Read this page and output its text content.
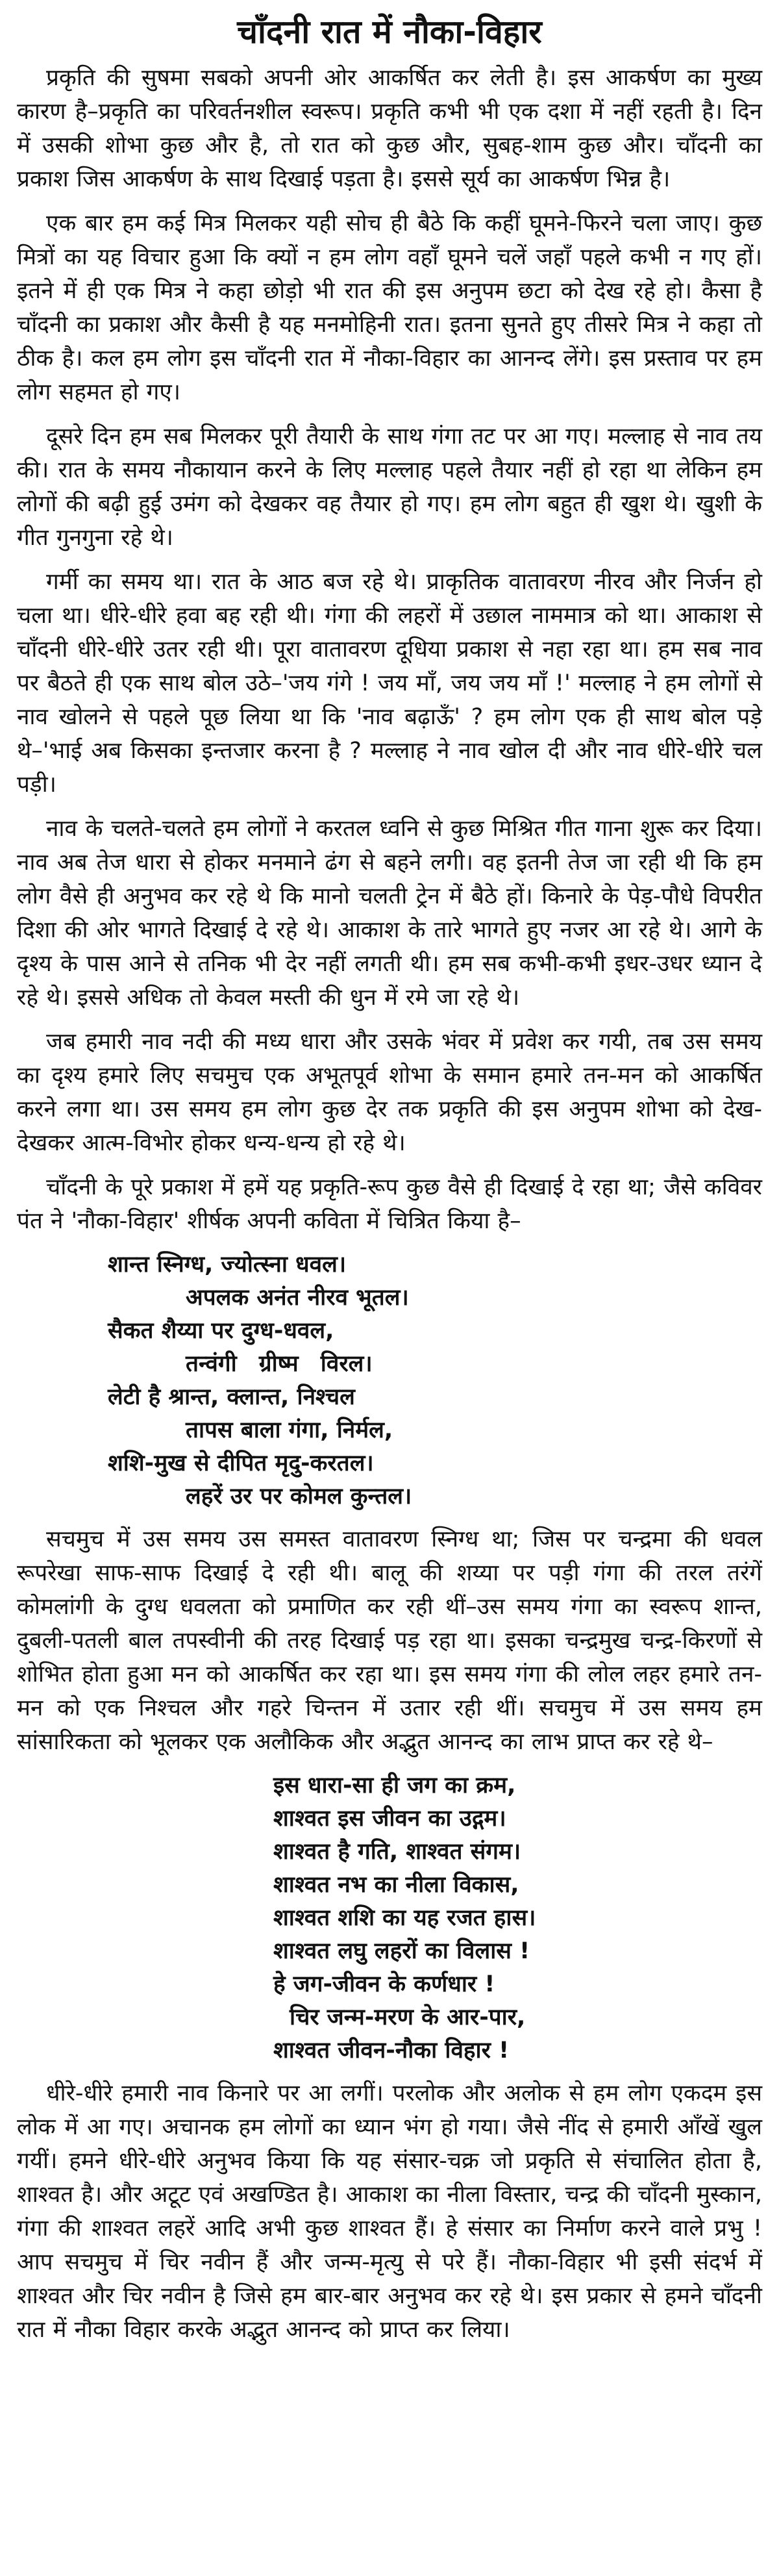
चाँदनी रात में नौका-विहार

प्रकृति की सुषमा सबको अपनी ओर आकर्षित कर लेती है। इस आकर्षण का मुख्य कारण है–प्रकृति का परिवर्तनशील स्वरूप। प्रकृति कभी भी एक दशा में नहीं रहती है। दिन में उसकी शोभा कुछ और है, तो रात को कुछ और, सुबह-शाम कुछ और। चाँदनी का प्रकाश जिस आकर्षण के साथ दिखाई पड़ता है। इससे सूर्य का आकर्षण भिन्न है।

एक बार हम कई मित्र मिलकर यही सोच ही बैठे कि कहीं घूमने-फिरने चला जाए। कुछ मित्रों का यह विचार हुआ कि क्यों न हम लोग वहाँ घूमने चलें जहाँ पहले कभी न गए हों। इतने में ही एक मित्र ने कहा छोड़ो भी रात की इस अनुपम छटा को देख रहे हो। कैसा है चाँदनी का प्रकाश और कैसी है यह मनमोहिनी रात। इतना सुनते हुए तीसरे मित्र ने कहा तो ठीक है। कल हम लोग इस चाँदनी रात में नौका-विहार का आनन्द लेंगे। इस प्रस्ताव पर हम लोग सहमत हो गए।

दूसरे दिन हम सब मिलकर पूरी तैयारी के साथ गंगा तट पर आ गए। मल्लाह से नाव तय की। रात के समय नौकायान करने के लिए मल्लाह पहले तैयार नहीं हो रहा था लेकिन हम लोगों की बढ़ी हुई उमंग को देखकर वह तैयार हो गए। हम लोग बहुत ही खुश थे। खुशी के गीत गुनगुना रहे थे।

गर्मी का समय था। रात के आठ बज रहे थे। प्राकृतिक वातावरण नीरव और निर्जन हो चला था। धीरे-धीरे हवा बह रही थी। गंगा की लहरों में उछाल नाममात्र को था। आकाश से चाँदनी धीरे-धीरे उतर रही थी। पूरा वातावरण दूधिया प्रकाश से नहा रहा था। हम सब नाव पर बैठते ही एक साथ बोल उठे–'जय गंगे ! जय माँ, जय जय माँ !' मल्लाह ने हम लोगों से नाव खोलने से पहले पूछ लिया था कि 'नाव बढ़ाऊँ' ? हम लोग एक ही साथ बोल पड़े थे–'भाई अब किसका इन्तजार करना है ? मल्लाह ने नाव खोल दी और नाव धीरे-धीरे चल पड़ी।

नाव के चलते-चलते हम लोगों ने करतल ध्वनि से कुछ मिश्रित गीत गाना शुरू कर दिया। नाव अब तेज धारा से होकर मनमाने ढंग से बहने लगी। वह इतनी तेज जा रही थी कि हम लोग वैसे ही अनुभव कर रहे थे कि मानो चलती ट्रेन में बैठे हों। किनारे के पेड़-पौधे विपरीत दिशा की ओर भागते दिखाई दे रहे थे। आकाश के तारे भागते हुए नजर आ रहे थे। आगे के दृश्य के पास आने से तनिक भी देर नहीं लगती थी। हम सब कभी-कभी इधर-उधर ध्यान दे रहे थे। इससे अधिक तो केवल मस्ती की धुन में रमे जा रहे थे।

जब हमारी नाव नदी की मध्य धारा और उसके भंवर में प्रवेश कर गयी, तब उस समय का दृश्य हमारे लिए सचमुच एक अभूतपूर्व शोभा के समान हमारे तन-मन को आकर्षित करने लगा था। उस समय हम लोग कुछ देर तक प्रकृति की इस अनुपम शोभा को देख-देखकर आत्म-विभोर होकर धन्य-धन्य हो रहे थे।

चाँदनी के पूरे प्रकाश में हमें यह प्रकृति-रूप कुछ वैसे ही दिखाई दे रहा था; जैसे कविवर पंत ने 'नौका-विहार' शीर्षक अपनी कविता में चित्रित किया है–

शान्त स्निग्ध, ज्योत्स्ना धवल।
अपलक अनंत नीरव भूतल।
सैकत शैय्या पर दुग्ध-धवल,
तन्वंगी ग्रीष्म विरल।
लेटी है श्रान्त, क्लान्त, निश्चल
तापस बाला गंगा, निर्मल,
शशि-मुख से दीपित मृदु-करतल।
लहरें उर पर कोमल कुन्तल।

सचमुच में उस समय उस समस्त वातावरण स्निग्ध था; जिस पर चन्द्रमा की धवल रूपरेखा साफ-साफ दिखाई दे रही थी। बालू की शय्या पर पड़ी गंगा की तरल तरंगें कोमलांगी के दुग्ध धवलता को प्रमाणित कर रही थीं–उस समय गंगा का स्वरूप शान्त, दुबली-पतली बाल तपस्वीनी की तरह दिखाई पड़ रहा था। इसका चन्द्रमुख चन्द्र-किरणों से शोभित होता हुआ मन को आकर्षित कर रहा था। इस समय गंगा की लोल लहर हमारे तन-मन को एक निश्चल और गहरे चिन्तन में उतार रही थीं। सचमुच में उस समय हम सांसारिकता को भूलकर एक अलौकिक और अद्भुत आनन्द का लाभ प्राप्त कर रहे थे–

इस धारा-सा ही जग का क्रम,
शाश्वत इस जीवन का उद्गम।
शाश्वत है गति, शाश्वत संगम।
शाश्वत नभ का नीला विकास,
शाश्वत शशि का यह रजत हास।
शाश्वत लघु लहरों का विलास !
हे जग-जीवन के कर्णधार !
चिर जन्म-मरण के आर-पार,
शाश्वत जीवन-नौका विहार !

धीरे-धीरे हमारी नाव किनारे पर आ लगीं। परलोक और अलोक से हम लोग एकदम इस लोक में आ गए। अचानक हम लोगों का ध्यान भंग हो गया। जैसे नींद से हमारी आँखें खुल गयीं। हमने धीरे-धीरे अनुभव किया कि यह संसार-चक्र जो प्रकृति से संचालित होता है, शाश्वत है। और अटूट एवं अखण्डित है। आकाश का नीला विस्तार, चन्द्र की चाँदनी मुस्कान, गंगा की शाश्वत लहरें आदि अभी कुछ शाश्वत हैं। हे संसार का निर्माण करने वाले प्रभु ! आप सचमुच में चिर नवीन हैं और जन्म-मृत्यु से परे हैं। नौका-विहार भी इसी संदर्भ में शाश्वत और चिर नवीन है जिसे हम बार-बार अनुभव कर रहे थे। इस प्रकार से हमने चाँदनी रात में नौका विहार करके अद्भुत आनन्द को प्राप्त कर लिया।
